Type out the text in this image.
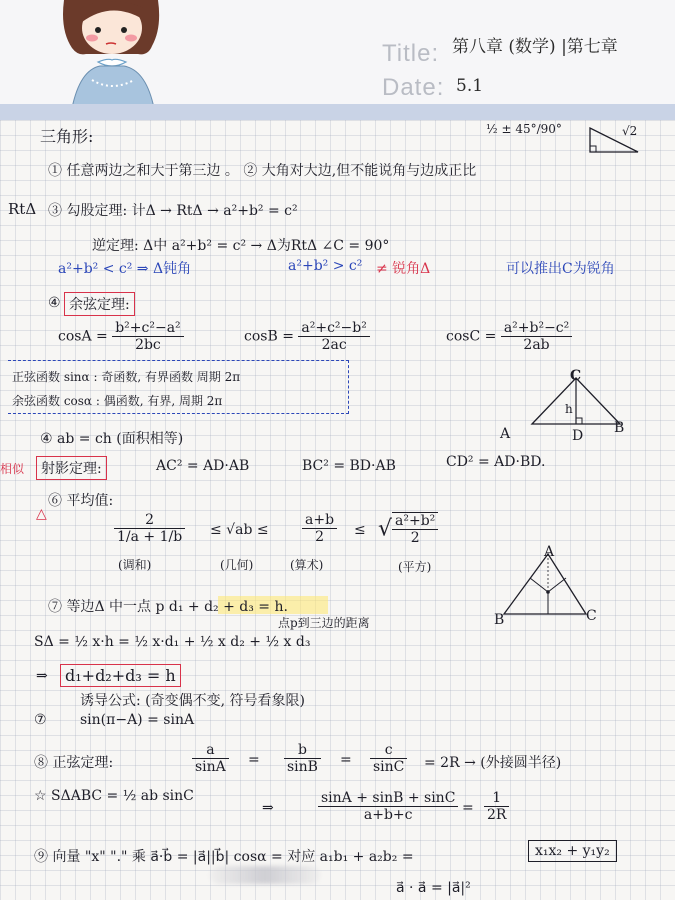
Title: 第八章 (数学) |第七章
Date: 5.1
三角形:	½ ± 45°/90°	√2
① 任意两边之和大于第三边 。 ② 大角对大边,但不能说角与边成正比
RtΔ ③ 勾股定理: 计Δ → RtΔ → a²+b² = c²
逆定理: Δ中 a²+b² = c² → Δ为RtΔ ∠C = 90°
a²+b² < c² ⇒ Δ钝角	a²+b² > c² ≠ 锐角Δ	可以推出C为锐角
④ 余弦定理:
$\cos A = \frac{\text{b²+c²−a²}}{2bc}$	$\cos B = \frac{\text{a²+c²−b²}}{2ac}$	$\cos C = \frac{\text{a²+b²−c²}}{2ab}$
正弦函数 sinα : 奇函数, 有界函数 周期 2π
余弦函数 cosα : 偶函数, 有界, 周期 2π
C
h
A	D B
④ ab = ch (面积相等)
相似	射影定理:	AC² = AD·AB	BC² = BD·AB	CD² = AD·BD.
△
⑥ 平均值:
$\frac{2}{1/a + 1/b} \le √ab \le \frac{a+b}{2}$ ≤ √ $\frac{\text{a²+b²}}{2}$
(调和)	(几何)	(算术)	(平方)
⑦ 等边Δ 中一点 p d₁ + d₂ + d₃ = h.
点p到三边的距离
SΔ = ½ x·h = ½ x·d₁ + ½ x d₂ + ½ x d₃
⇒	d₁+d₂+d₃ = h
A
B	C
诱导公式: (奇变偶不变, 符号看象限)
⑦ sin(π−A) = sinA
⑧ 正弦定理:	$\frac{a}{\sin A} = \frac{b}{\sin B} = \frac{c}{\sin C} = 2R$ → (外接圆半径)
☆ SΔABC = ½ ab sinC
⇒	$\frac{\sin A + \sin B + \sin C}{a+b+c} = \frac{1}{2R}$
⑨ 向量 "x" "." 乘 a⃗·b⃗ = |a⃗||b⃗| cosα = 对应 a₁b₁ + a₂b₂ =	x₁x₂ + y₁y₂
a⃗ · a⃗ = |a⃗|²
